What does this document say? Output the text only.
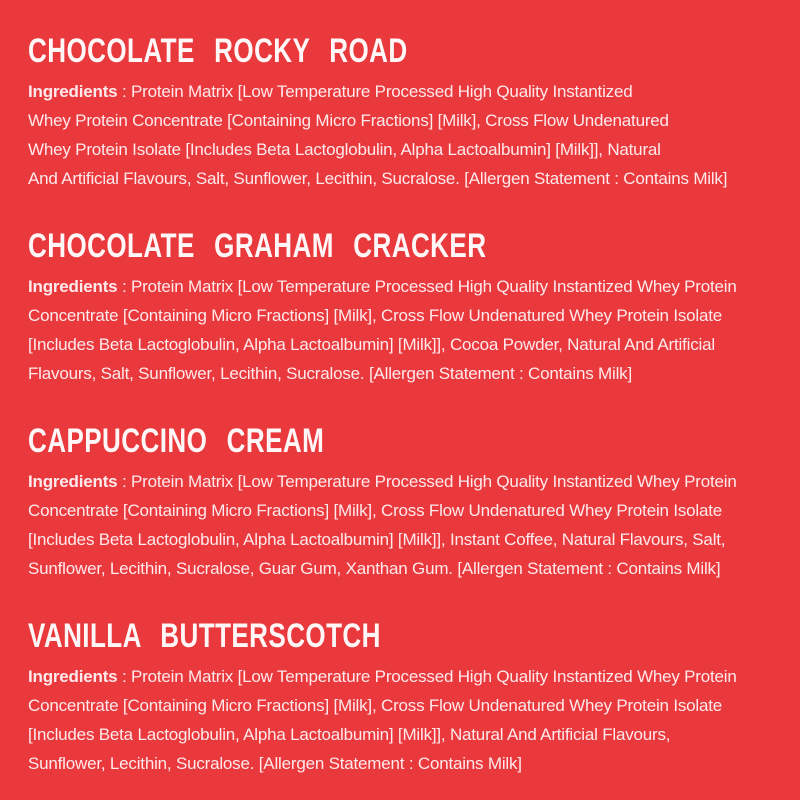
CHOCOLATE ROCKY ROAD
Ingredients : Protein Matrix [Low Temperature Processed High Quality Instantized
Whey Protein Concentrate [Containing Micro Fractions] [Milk], Cross Flow Undenatured
Whey Protein Isolate [Includes Beta Lactoglobulin, Alpha Lactoalbumin] [Milk]], Natural
And Artificial Flavours, Salt, Sunflower, Lecithin, Sucralose. [Allergen Statement : Contains Milk]
CHOCOLATE GRAHAM CRACKER
Ingredients : Protein Matrix [Low Temperature Processed High Quality Instantized Whey Protein
Concentrate [Containing Micro Fractions] [Milk], Cross Flow Undenatured Whey Protein Isolate
[Includes Beta Lactoglobulin, Alpha Lactoalbumin] [Milk]], Cocoa Powder, Natural And Artificial
Flavours, Salt, Sunflower, Lecithin, Sucralose. [Allergen Statement : Contains Milk]
CAPPUCCINO CREAM
Ingredients : Protein Matrix [Low Temperature Processed High Quality Instantized Whey Protein
Concentrate [Containing Micro Fractions] [Milk], Cross Flow Undenatured Whey Protein Isolate
[Includes Beta Lactoglobulin, Alpha Lactoalbumin] [Milk]], Instant Coffee, Natural Flavours, Salt,
Sunflower, Lecithin, Sucralose, Guar Gum, Xanthan Gum. [Allergen Statement : Contains Milk]
VANILLA BUTTERSCOTCH
Ingredients : Protein Matrix [Low Temperature Processed High Quality Instantized Whey Protein
Concentrate [Containing Micro Fractions] [Milk], Cross Flow Undenatured Whey Protein Isolate
[Includes Beta Lactoglobulin, Alpha Lactoalbumin] [Milk]], Natural And Artificial Flavours,
Sunflower, Lecithin, Sucralose. [Allergen Statement : Contains Milk]
